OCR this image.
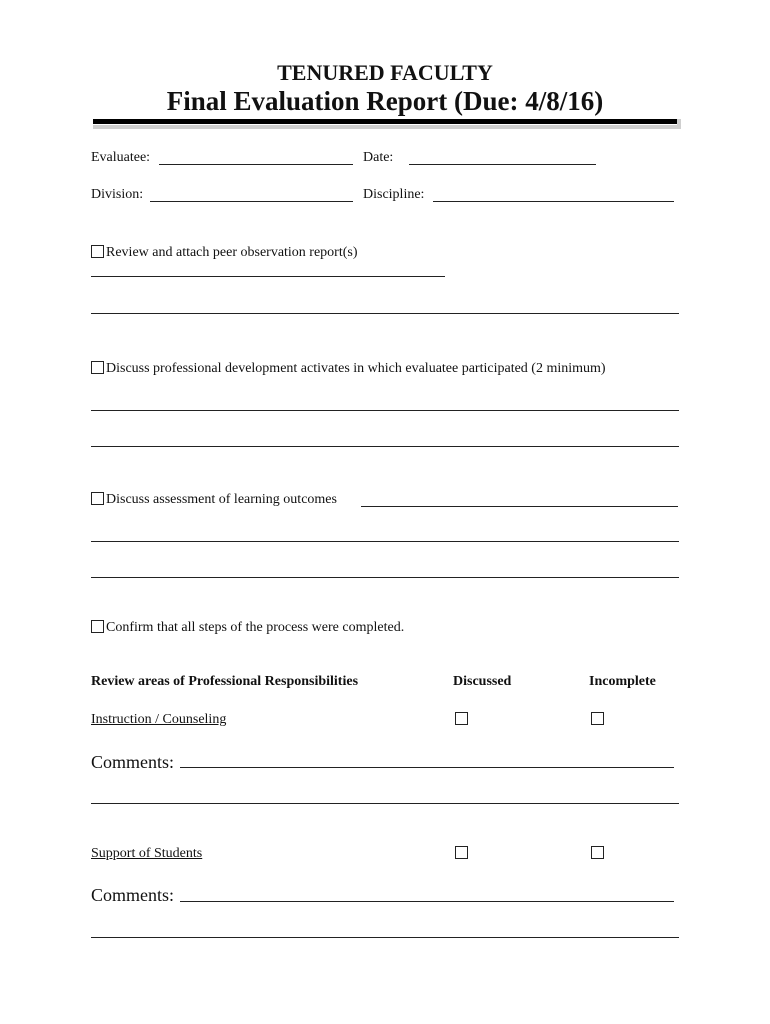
TENURED FACULTY
Final Evaluation Report (Due: 4/8/16)
Evaluatee:	Date:
Division:	Discipline:
Review and attach peer observation report(s)
Discuss professional development activates in which evaluatee participated (2 minimum)
Discuss assessment of learning outcomes
Confirm that all steps of the process were completed.
Review areas of Professional Responsibilities	Discussed	Incomplete
Instruction / Counseling
Comments:
Support of Students
Comments:
